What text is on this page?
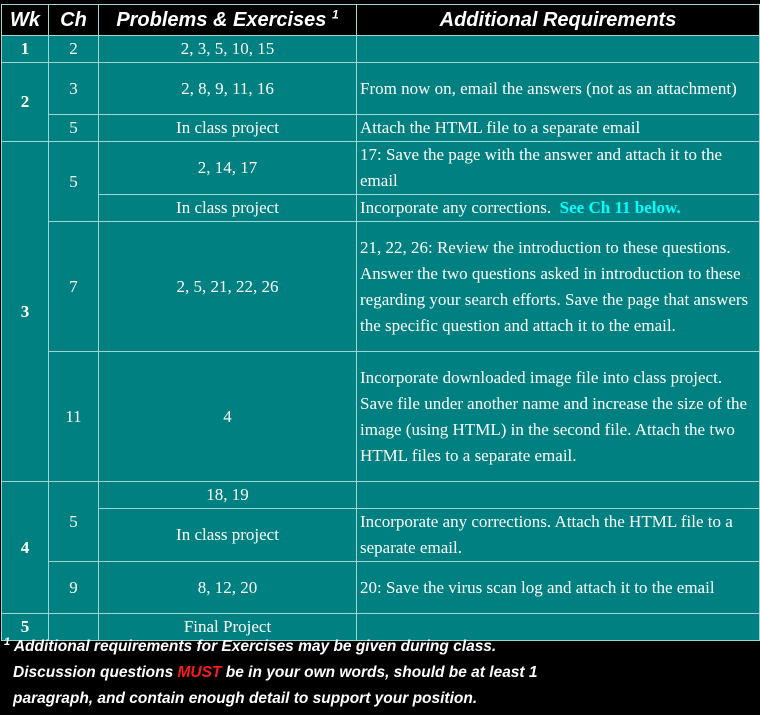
Wk	Ch	Problems & Exercises $^1$	Additional Requirements
1	2	2, 3, 5, 10, 15	
2	3	2, 8, 9, 11, 16	From now on, email the answers (not as an attachment)
	5	In class project	Attach the HTML file to a separate email
3	5	2, 14, 17	17: Save the page with the answer and attach it to the email
		In class project	Incorporate any corrections. See Ch 11 below.
	7	2, 5, 21, 22, 26	21, 22, 26: Review the introduction to these questions. Answer the two questions asked in introduction to these regarding your search efforts. Save the page that answers the specific question and attach it to the email.
	11	4	Incorporate downloaded image file into class project. Save file under another name and increase the size of the image (using HTML) in the second file. Attach the two HTML files to a separate email.
4	5	18, 19	
		In class project	Incorporate any corrections. Attach the HTML file to a separate email.
	9	8, 12, 20	20: Save the virus scan log and attach it to the email
5		Final Project	
$^1$ Additional requirements for Exercises may be given during class.
Discussion questions MUST be in your own words, should be at least 1
paragraph, and contain enough detail to support your position.
